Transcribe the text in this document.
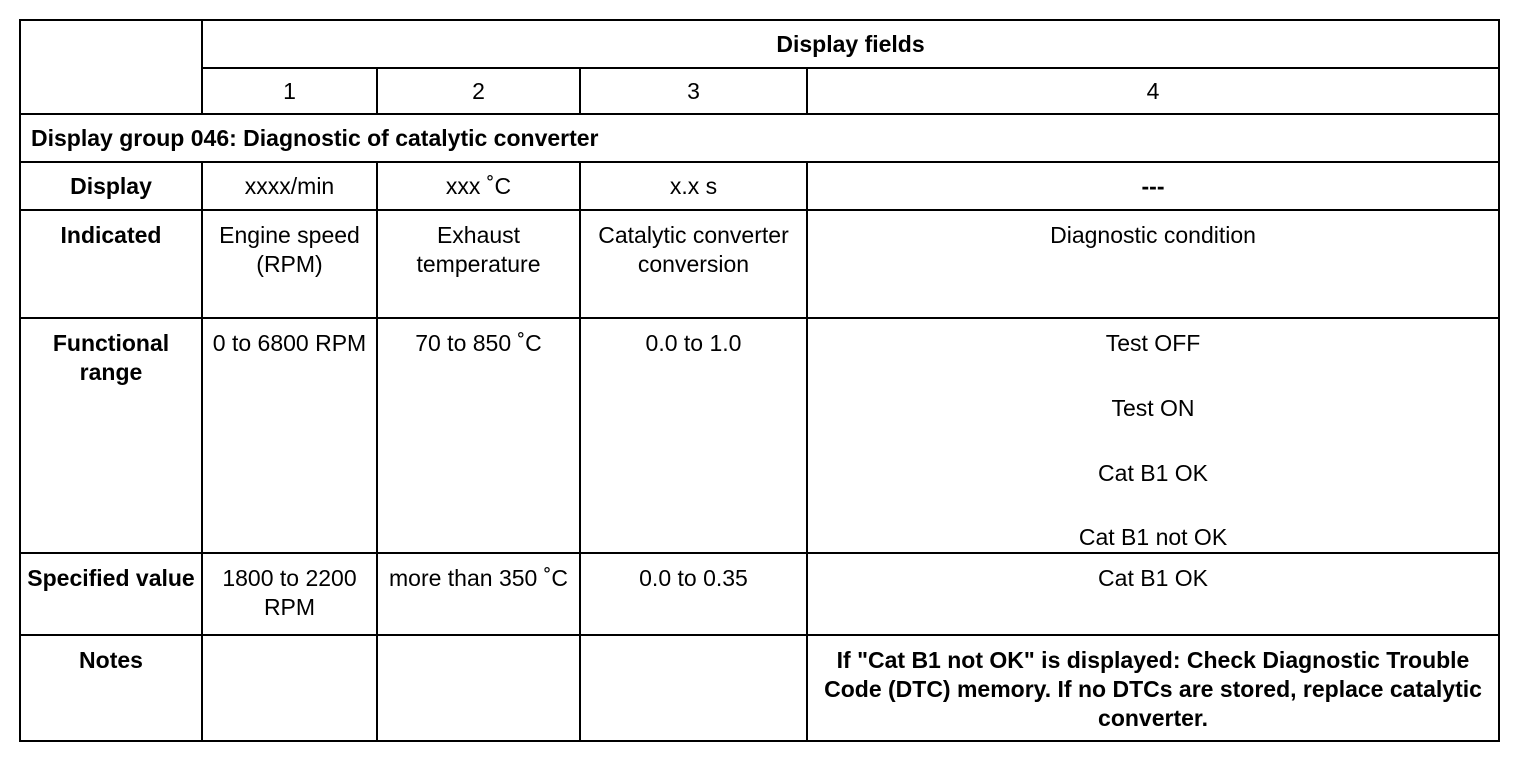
	Display fields			
	1	2	3	4
Display group 046: Diagnostic of catalytic converter				
Display	xxxx/min	xxx ˚C	x.x s	---
Indicated	Engine speed (RPM)	Exhaust temperature	Catalytic converter conversion	Diagnostic condition
Functional range	0 to 6800 RPM	70 to 850 ˚C	0.0 to 1.0	Test OFF
Test ON
Cat B1 OK
Cat B1 not OK

Specified value	1800 to 2200 RPM	more than 350 ˚C	0.0 to 0.35	Cat B1 OK
Notes				If "Cat B1 not OK" is displayed: Check Diagnostic Trouble Code (DTC) memory. If no DTCs are stored, replace catalytic converter.
